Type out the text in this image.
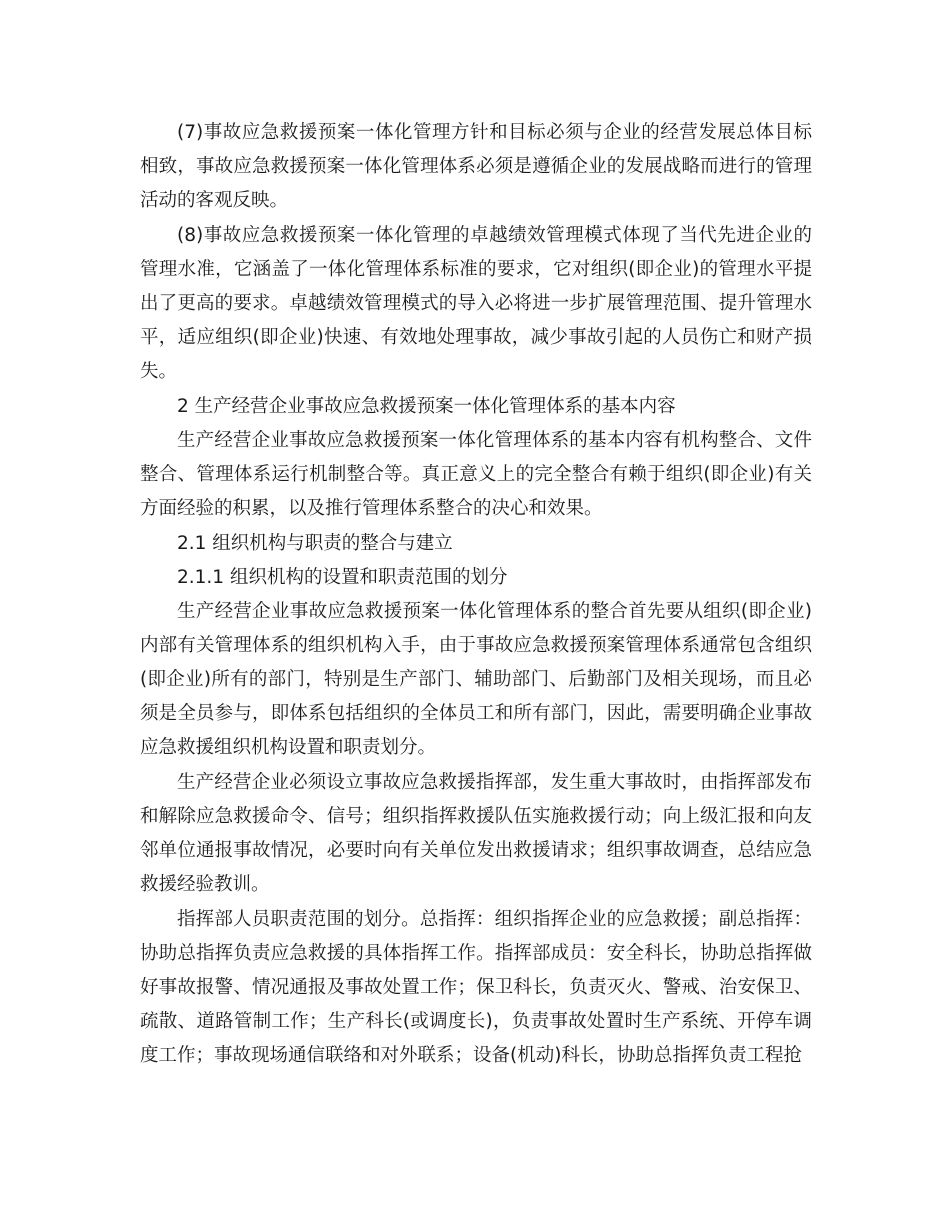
(7)事故应急救援预案一体化管理方针和目标必须与企业的经营发展总体目标相致，事故应急救援预案一体化管理体系必须是遵循企业的发展战略而进行的管理活动的客观反映。

(8)事故应急救援预案一体化管理的卓越绩效管理模式体现了当代先进企业的管理水准，它涵盖了一体化管理体系标准的要求，它对组织(即企业)的管理水平提出了更高的要求。卓越绩效管理模式的导入必将进一步扩展管理范围、提升管理水平，适应组织(即企业)快速、有效地处理事故，减少事故引起的人员伤亡和财产损失。

2 生产经营企业事故应急救援预案一体化管理体系的基本内容

生产经营企业事故应急救援预案一体化管理体系的基本内容有机构整合、文件整合、管理体系运行机制整合等。真正意义上的完全整合有赖于组织(即企业)有关方面经验的积累，以及推行管理体系整合的决心和效果。

2.1 组织机构与职责的整合与建立

2.1.1 组织机构的设置和职责范围的划分

生产经营企业事故应急救援预案一体化管理体系的整合首先要从组织(即企业)内部有关管理体系的组织机构入手，由于事故应急救援预案管理体系通常包含组织(即企业)所有的部门，特别是生产部门、辅助部门、后勤部门及相关现场，而且必须是全员参与，即体系包括组织的全体员工和所有部门，因此，需要明确企业事故应急救援组织机构设置和职责划分。

生产经营企业必须设立事故应急救援指挥部，发生重大事故时，由指挥部发布和解除应急救援命令、信号；组织指挥救援队伍实施救援行动；向上级汇报和向友邻单位通报事故情况，必要时向有关单位发出救援请求；组织事故调查，总结应急救援经验教训。

指挥部人员职责范围的划分。总指挥：组织指挥企业的应急救援；副总指挥：协助总指挥负责应急救援的具体指挥工作。指挥部成员：安全科长，协助总指挥做好事故报警、情况通报及事故处置工作；保卫科长，负责灭火、警戒、治安保卫、疏散、道路管制工作；生产科长(或调度长)，负责事故处置时生产系统、开停车调度工作；事故现场通信联络和对外联系；设备(机动)科长，协助总指挥负责工程抢
